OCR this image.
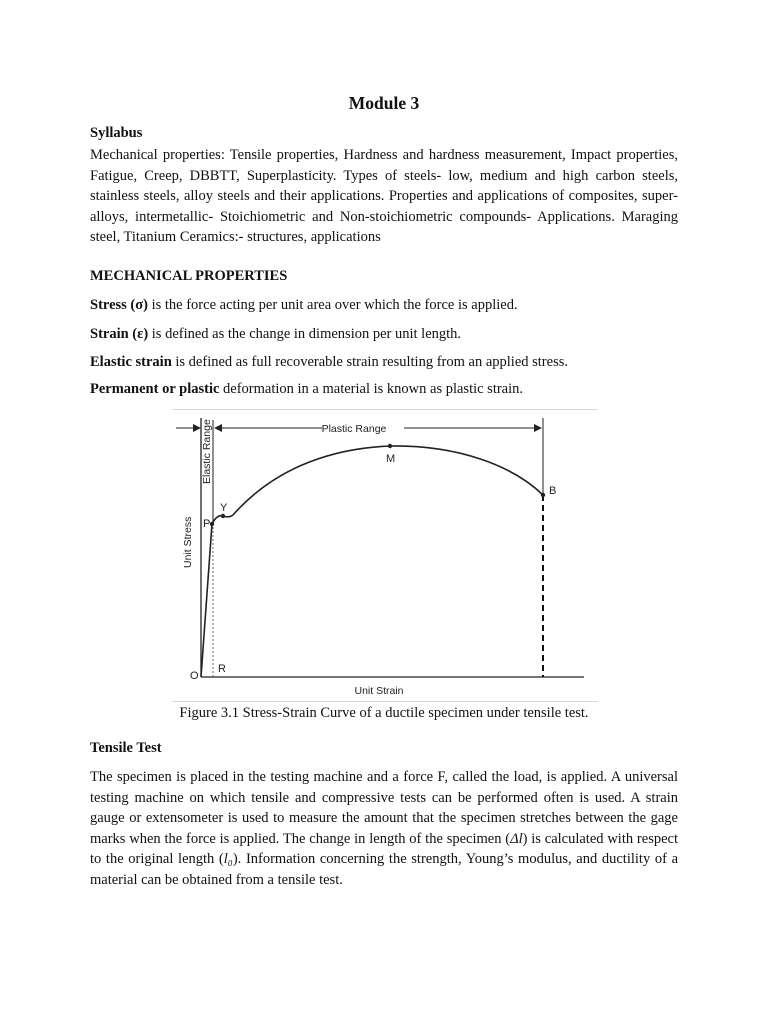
Module 3
Syllabus
Mechanical properties: Tensile properties, Hardness and hardness measurement, Impact properties, Fatigue, Creep, DBBTT, Superplasticity. Types of steels- low, medium and high carbon steels, stainless steels, alloy steels and their applications. Properties and applications of composites, super-alloys, intermetallic- Stoichiometric and Non-stoichiometric compounds- Applications. Maraging steel, Titanium Ceramics:- structures, applications
MECHANICAL PROPERTIES
Stress (σ) is the force acting per unit area over which the force is applied.
Strain (ε) is defined as the change in dimension per unit length.
Elastic strain is defined as full recoverable strain resulting from an applied stress.
Permanent or plastic deformation in a material is known as plastic strain.
Plastic Range
Elastic Range
Unit Stress
Unit Strain
O
P
Y
M
B
R
Figure 3.1 Stress-Strain Curve of a ductile specimen under tensile test.
Tensile Test
The specimen is placed in the testing machine and a force F, called the load, is applied. A universal testing machine on which tensile and compressive tests can be performed often is used. A strain gauge or extensometer is used to measure the amount that the specimen stretches between the gage marks when the force is applied. The change in length of the specimen (Δl) is calculated with respect to the original length (l₀). Information concerning the strength, Young’s modulus, and ductility of a material can be obtained from a tensile test.
